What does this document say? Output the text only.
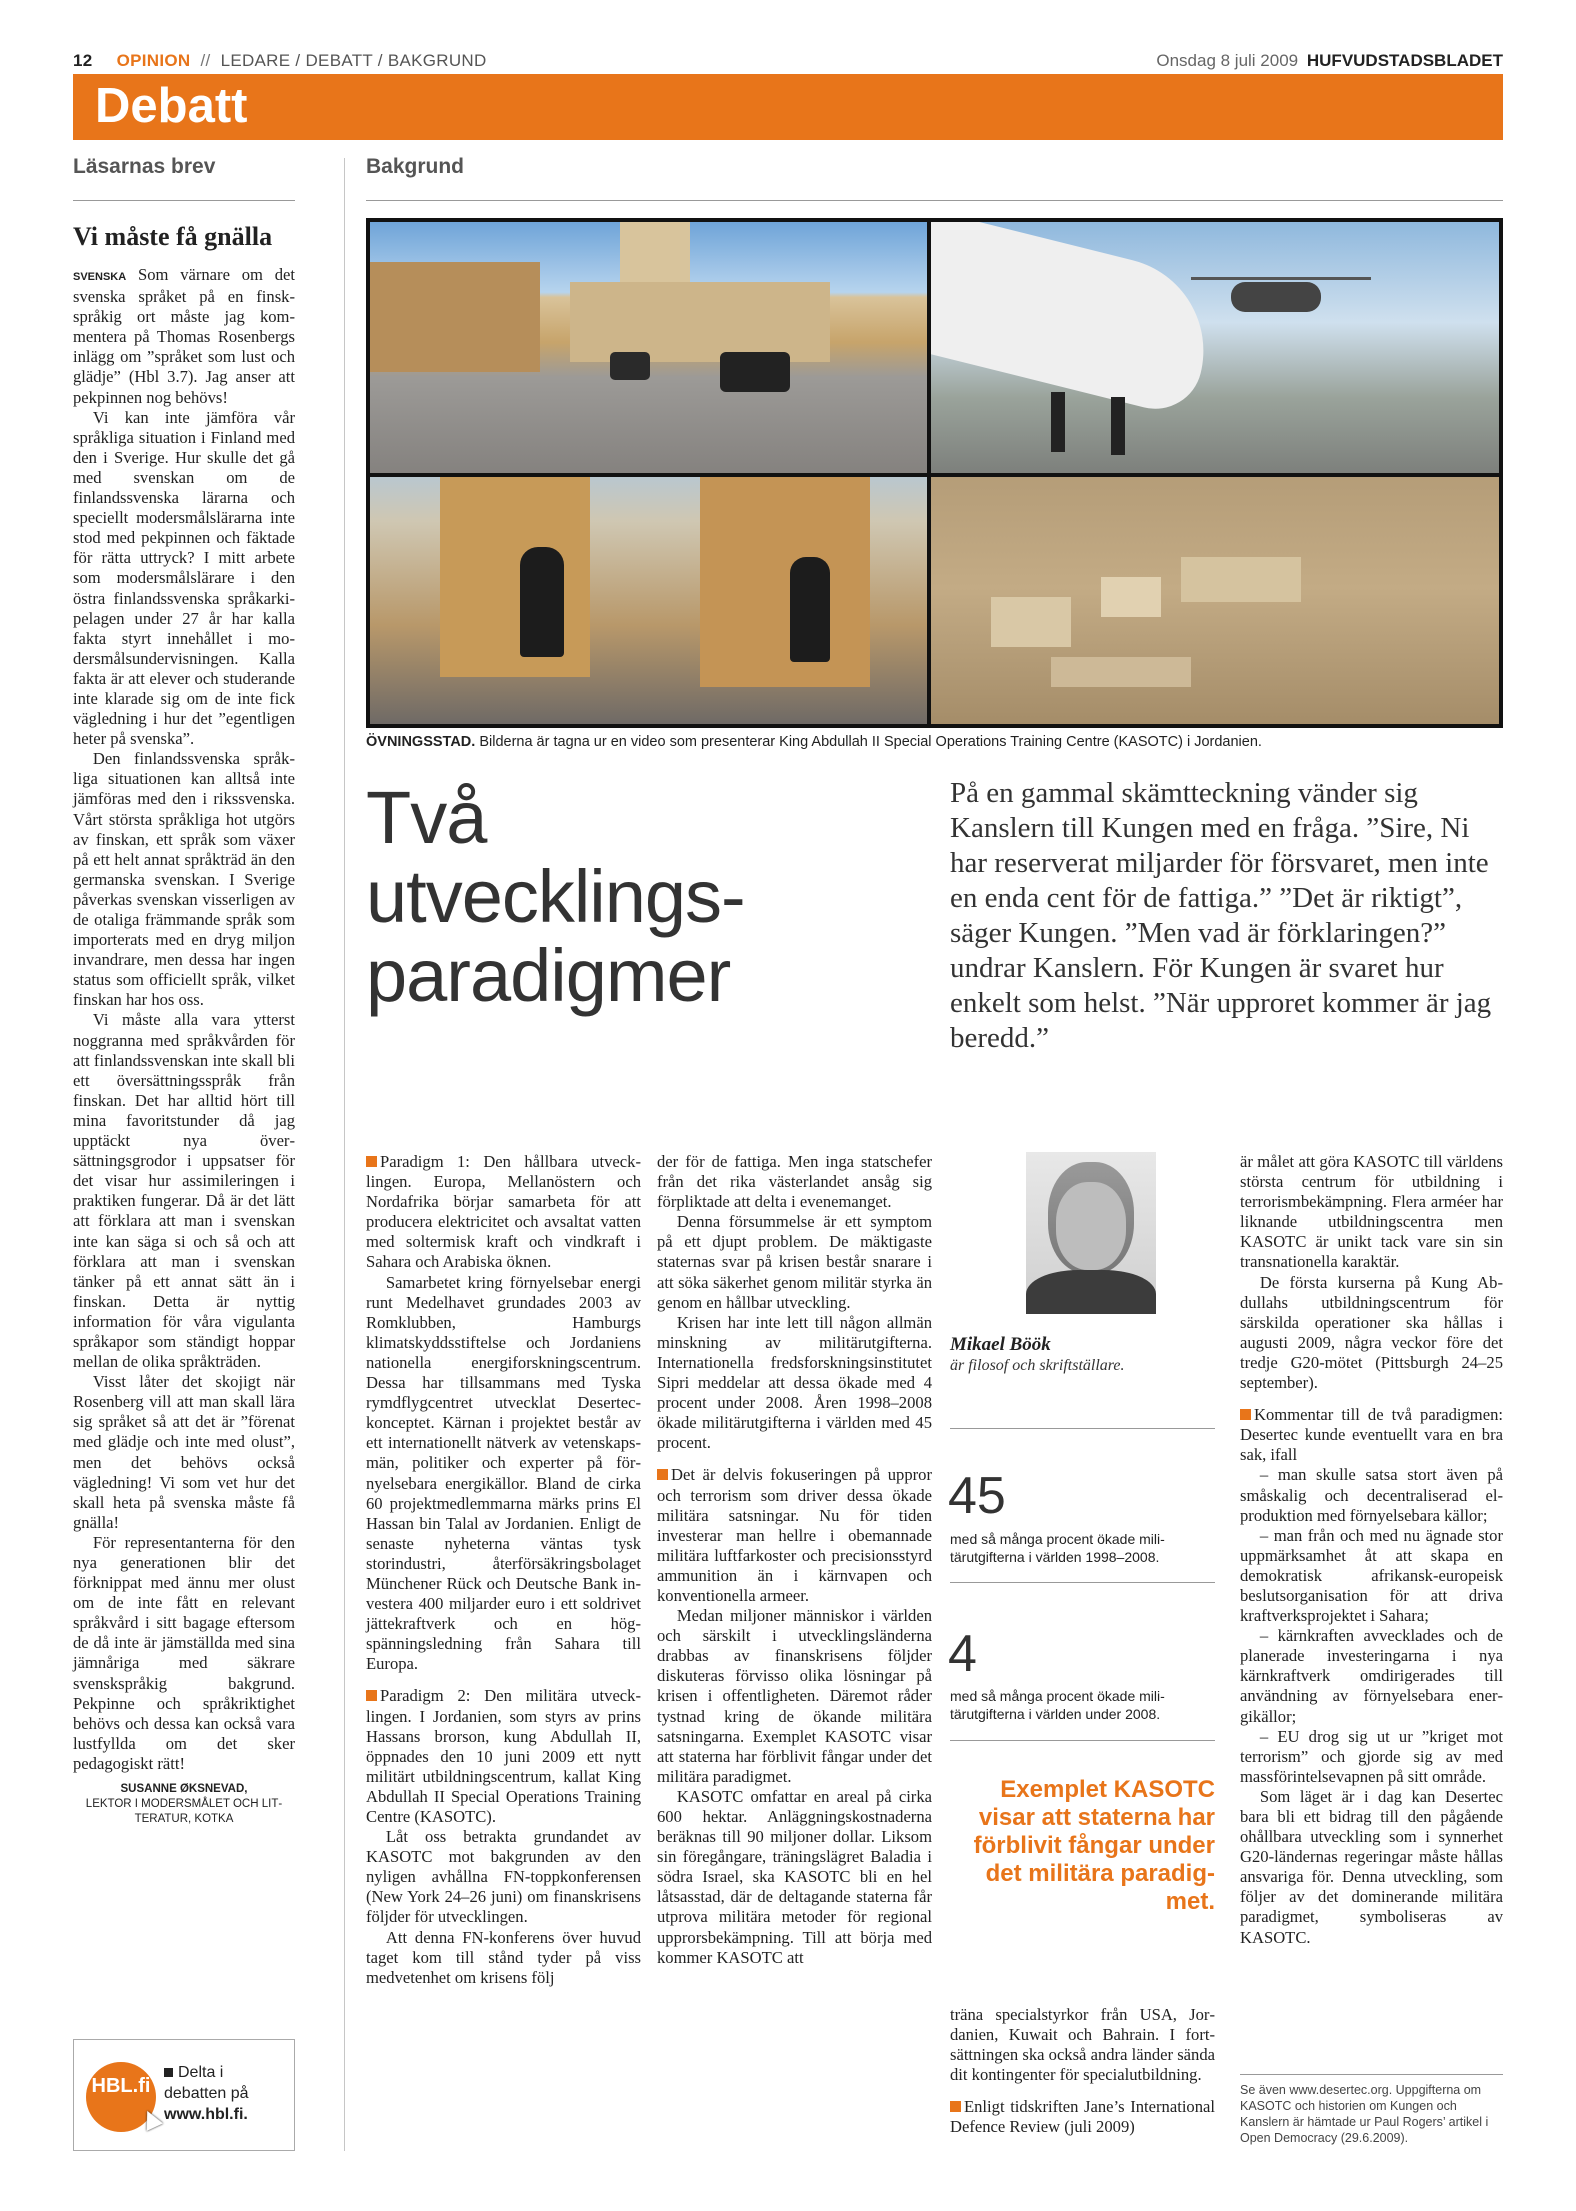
12 OPINION // LEDARE / DEBATT / BAKGRUND	Onsdag 8 juli 2009 HUFVUDSTADSBLADET
Debatt
Läsarnas brev
Vi måste få gnälla

SVENSKA Som värnare om det svenska språket på en finskspråkig ort måste jag kommentera på Thomas Rosenbergs inlägg om ”språket som lust och glädje” (Hbl 3.7). Jag anser att pekpinnen nog behövs!

Vi kan inte jämföra vår språkliga situation i Finland med den i Sverige. Hur skulle det gå med svenskan om de finlandssvenska lärarna och speciellt modersmålslärarna inte stod med pekpinnen och fäktade för rätta uttryck? I mitt arbete som modersmålslärare i den östra finlandssvenska språkarkipelagen under 27 år har kalla fakta styrt innehållet i modersmålsundervisningen. Kalla fakta är att elever och studerande inte klarade sig om de inte fick vägledning i hur det ”egentligen heter på svenska”.

Den finlandssvenska språkliga situationen kan alltså inte jämföras med den i rikssvenska. Vårt största språkliga hot utgörs av finskan, ett språk som växer på ett helt annat språkträd än den germanska svenskan. I Sverige påverkas svenskan visserligen av de otaliga främmande språk som importerats med en dryg miljon invandrare, men dessa har ingen status som officiellt språk, vilket finskan har hos oss.

Vi måste alla vara ytterst noggranna med språkvården för att finlandssvenskan inte skall bli ett översättningsspråk från finskan. Det har alltid hört till mina favoritstunder då jag upptäckt nya översättningsgrodor i uppsatser för det visar hur assimileringen i praktiken fungerar. Då är det lätt att förklara att man i svenskan inte kan säga si och så och att förklara att man i svenskan tänker på ett annat sätt än i finskan. Detta är nyttig information för våra vigulanta språkapor som ständigt hoppar mellan de olika språkträden.

Visst låter det skojigt när Rosenberg vill att man skall lära sig språket så att det är ”förenat med glädje och inte med olust”, men det behövs också vägledning! Vi som vet hur det skall heta på svenska måste få gnälla!

För representanterna för den nya generationen blir det förknippat med ännu mer olust om de inte fått en relevant språkvård i sitt bagage eftersom de då inte är jämställda med sina jämnåriga med säkrare svenskspråkig bakgrund. Pekpinne och språkriktighet behövs och dessa kan också vara lustfyllda om det sker pedagogiskt rätt!

SUSANNE ØKSNEVAD,
LEKTOR I MODERSMÅLET OCH LITTERATUR, KOTKA
HBL.fi
Delta i
debatten på
www.hbl.fi.
Bakgrund
ÖVNINGSSTAD. Bilderna är tagna ur en video som presenterar King Abdullah II Special Operations Training Centre (KASOTC) i Jordanien.
Två
utvecklings-
paradigmer
På en gammal skämtteckning vänder sig Kanslern till Kungen med en fråga. ”Sire, Ni har reserverat miljarder för försvaret, men inte en enda cent för de fattiga.” ”Det är riktigt”, säger Kungen. ”Men vad är förklaringen?” undrar Kanslern. För Kungen är svaret hur enkelt som helst. ”När upproret kommer är jag beredd.”

Paradigm 1: Den hållbara utvecklingen. Europa, Mellanöstern och Nordafrika börjar samarbeta för att producera elektricitet och avsaltat vatten med soltermisk kraft och vindkraft i Sahara och Arabiska öknen.

Samarbetet kring förnyelsebar energi runt Medelhavet grundades 2003 av Romklubben, Hamburgs klimatskyddsstiftelse och Jordaniens nationella energiforskningscentrum. Dessa har tillsammans med Tyska rymdflygcentret utvecklat Desertec-konceptet. Kärnan i projektet består av ett internationellt nätverk av vetenskapsmän, politiker och experter på förnyelsebara energikällor. Bland de cirka 60 projektmedlemmarna märks prins El Hassan bin Talal av Jordanien. Enligt de senaste nyheterna väntas tysk storindustri, återförsäkringsbolaget Münchener Rück och Deutsche Bank investera 400 miljarder euro i ett soldrivet jättekraftverk och en högspänningsledning från Sahara till Europa.

Paradigm 2: Den militära utvecklingen. I Jordanien, som styrs av prins Hassans brorson, kung Abdullah II, öppnades den 10 juni 2009 ett nytt militärt utbildningscentrum, kallat King Abdullah II Special Operations Training Centre (KASOTC).

Låt oss betrakta grundandet av KASOTC mot bakgrunden av den nyligen avhållna FN-toppkonferensen (New York 24–26 juni) om finanskrisens följder för utvecklingen.

Att denna FN-konferens över huvud taget kom till stånd tyder på viss medvetenhet om krisens följ

der för de fattiga. Men inga statschefer från det rika västerlandet ansåg sig förpliktade att delta i evenemanget.

Denna försummelse är ett symptom på ett djupt problem. De mäktigaste staternas svar på krisen består snarare i att söka säkerhet genom militär styrka än genom en hållbar utveckling.

Krisen har inte lett till någon allmän minskning av militärutgifterna. Internationella fredsforskningsinstitutet Sipri meddelar att dessa ökade med 4 procent under 2008. Åren 1998–2008 ökade militärutgifterna i världen med 45 procent.

Det är delvis fokuseringen på uppror och terrorism som driver dessa ökade militära satsningar. Nu för tiden investerar man hellre i obemannade militära luftfarkoster och precisionsstyrd ammunition än i kärnvapen och konventionella armeer.

Medan miljoner människor i världen och särskilt i utvecklingsländerna drabbas av finanskrisens följder diskuteras förvisso olika lösningar på krisen i offentligheten. Däremot råder tystnad kring de ökande militära satsningarna. Exemplet KASOTC visar att staterna har förblivit fångar under det militära paradigmet.

KASOTC omfattar en areal på cirka 600 hektar. Anläggningskostnaderna beräknas till 90 miljoner dollar. Liksom sin föregångare, träningslägret Baladia i södra Israel, ska KASOTC bli en hel låtsasstad, där de deltagande staterna får utprova militära metoder för regional upprorsbekämpning. Till att börja med kommer KASOTC att

Mikael Böök
är filosof och skriftställare.
45
med så många procent ökade militärutgifterna i världen 1998–2008.
4
med så många procent ökade militärutgifterna i världen under 2008.
Exemplet KASOTC visar att staterna har förblivit fångar under det militära paradigmet.

träna specialstyrkor från USA, Jordanien, Kuwait och Bahrain. I fortsättningen ska också andra länder sända dit kontingenter för specialutbildning.

Enligt tidskriften Jane’s International Defence Review (juli 2009)

är målet att göra KASOTC till världens största centrum för utbildning i terrorismbekämpning. Flera arméer har liknande utbildningscentra men KASOTC är unikt tack vare sin sin transnationella karaktär.

De första kurserna på Kung Abdullahs utbildningscentrum för särskilda operationer ska hållas i augusti 2009, några veckor före det tredje G20-mötet (Pittsburgh 24–25 september).

Kommentar till de två paradigmen: Desertec kunde eventuellt vara en bra sak, ifall

– man skulle satsa stort även på småskalig och decentraliserad elproduktion med förnyelsebara källor;

– man från och med nu ägnade stor uppmärksamhet åt att skapa en demokratisk afrikansk-europeisk beslutsorganisation för att driva kraftverksprojektet i Sahara;

– kärnkraften avvecklades och de planerade investeringarna i nya kärnkraftverk omdirigerades till användning av förnyelsebara energikällor;

– EU drog sig ut ur ”kriget mot terrorism” och gjorde sig av med massförintelsevapnen på sitt område.

Som läget är i dag kan Desertec bara bli ett bidrag till den pågående ohållbara utveckling som i synnerhet G20-ländernas regeringar måste hållas ansvariga för. Denna utveckling, som följer av det dominerande militära paradigmet, symboliseras av KASOTC.

Se även www.desertec.org. Uppgifterna om KASOTC och historien om Kungen och Kanslern är hämtade ur Paul Rogers’ artikel i Open Democracy (29.6.2009).
